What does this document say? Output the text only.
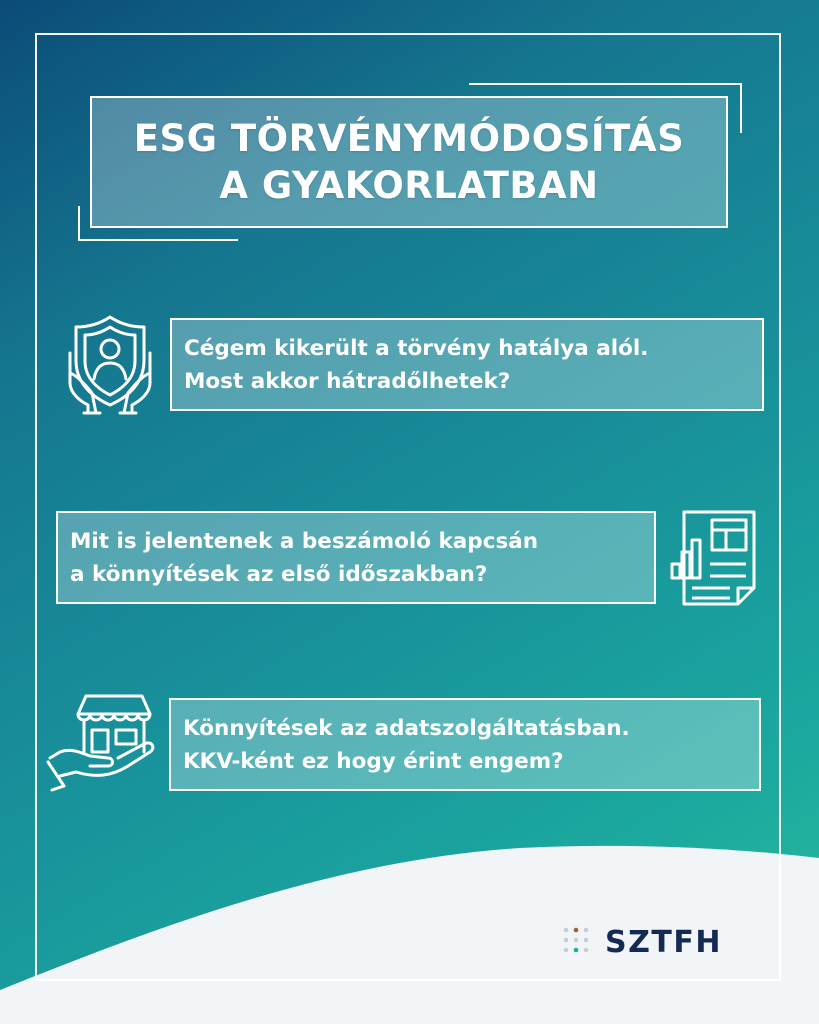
ESG TÖRVÉNYMÓDOSÍTÁS
A GYAKORLATBAN
Cégem kikerült a törvény hatálya alól.
Most akkor hátradőlhetek?
Mit is jelentenek a beszámoló kapcsán
a könnyítések az első időszakban?
Könnyítések az adatszolgáltatásban.
KKV-ként ez hogy érint engem?
SZTFH
